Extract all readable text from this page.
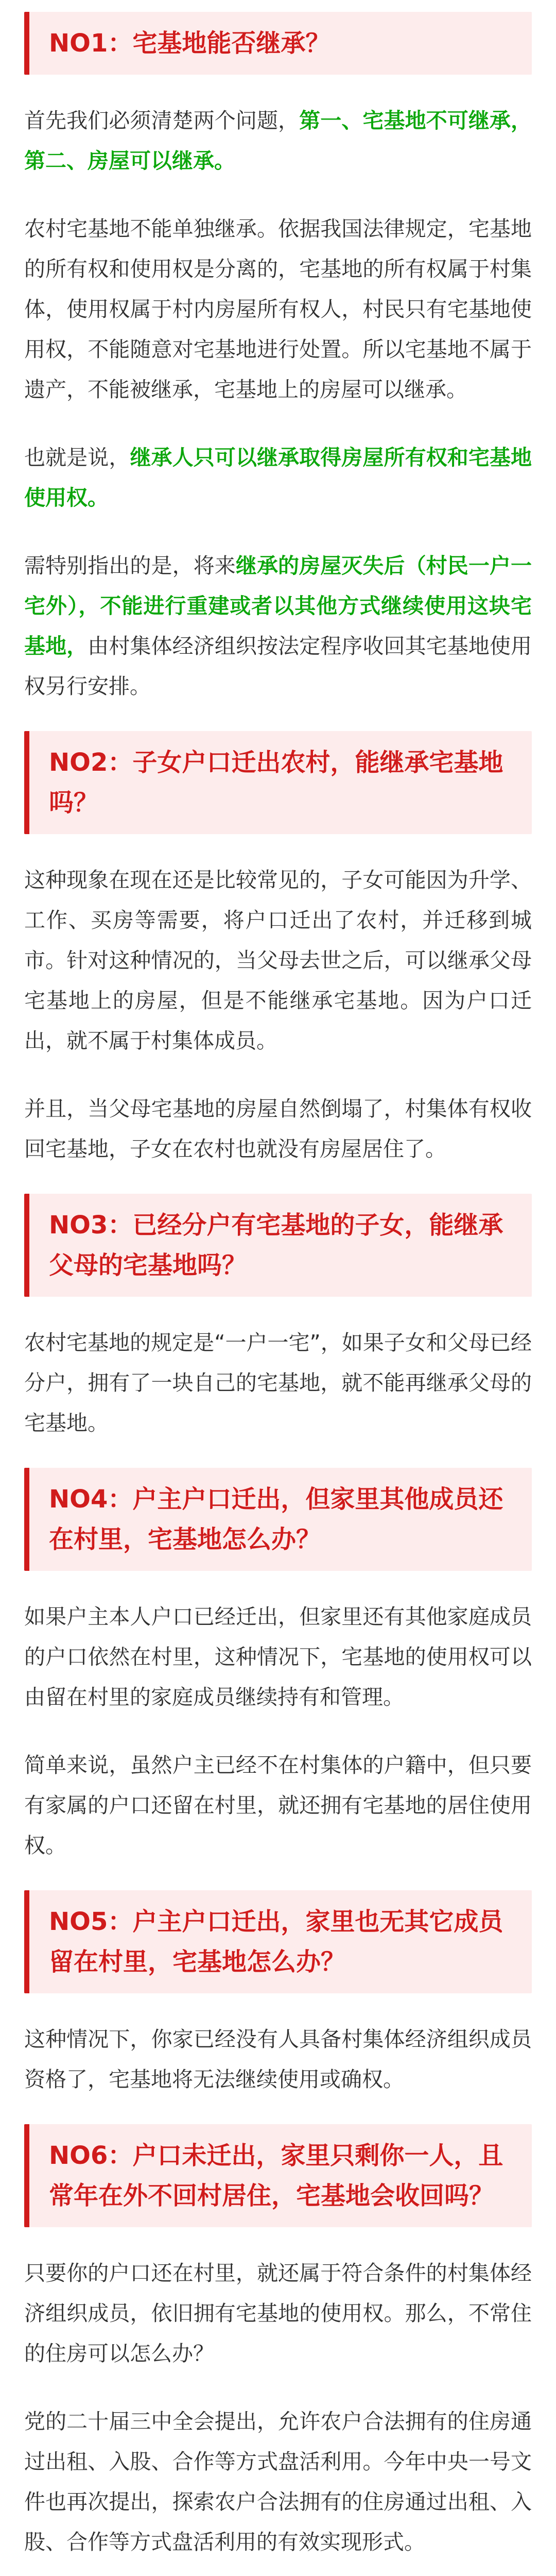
NO1：宅基地能否继承？

首先我们必须清楚两个问题，第一、宅基地不可继承，第二、房屋可以继承。

农村宅基地不能单独继承。依据我国法律规定，宅基地的所有权和使用权是分离的，宅基地的所有权属于村集体，使用权属于村内房屋所有权人，村民只有宅基地使用权，不能随意对宅基地进行处置。所以宅基地不属于遗产，不能被继承，宅基地上的房屋可以继承。

也就是说，继承人只可以继承取得房屋所有权和宅基地使用权。

需特别指出的是，将来继承的房屋灭失后（村民一户一宅外），不能进行重建或者以其他方式继续使用这块宅基地，由村集体经济组织按法定程序收回其宅基地使用权另行安排。

NO2：子女户口迁出农村，能继承宅基地吗？

这种现象在现在还是比较常见的，子女可能因为升学、工作、买房等需要，将户口迁出了农村，并迁移到城市。针对这种情况的，当父母去世之后，可以继承父母宅基地上的房屋，但是不能继承宅基地。因为户口迁出，就不属于村集体成员。

并且，当父母宅基地的房屋自然倒塌了，村集体有权收回宅基地，子女在农村也就没有房屋居住了。

NO3：已经分户有宅基地的子女，能继承父母的宅基地吗？

农村宅基地的规定是“一户一宅”，如果子女和父母已经分户，拥有了一块自己的宅基地，就不能再继承父母的宅基地。

NO4：户主户口迁出，但家里其他成员还在村里，宅基地怎么办？

如果户主本人户口已经迁出，但家里还有其他家庭成员的户口依然在村里，这种情况下，宅基地的使用权可以由留在村里的家庭成员继续持有和管理。

简单来说，虽然户主已经不在村集体的户籍中，但只要有家属的户口还留在村里，就还拥有宅基地的居住使用权。

NO5：户主户口迁出，家里也无其它成员留在村里，宅基地怎么办？

这种情况下，你家已经没有人具备村集体经济组织成员资格了，宅基地将无法继续使用或确权。

NO6：户口未迁出，家里只剩你一人，且常年在外不回村居住，宅基地会收回吗？

只要你的户口还在村里，就还属于符合条件的村集体经济组织成员，依旧拥有宅基地的使用权。那么，不常住的住房可以怎么办？

党的二十届三中全会提出，允许农户合法拥有的住房通过出租、入股、合作等方式盘活利用。今年中央一号文件也再次提出，探索农户合法拥有的住房通过出租、入股、合作等方式盘活利用的有效实现形式。
